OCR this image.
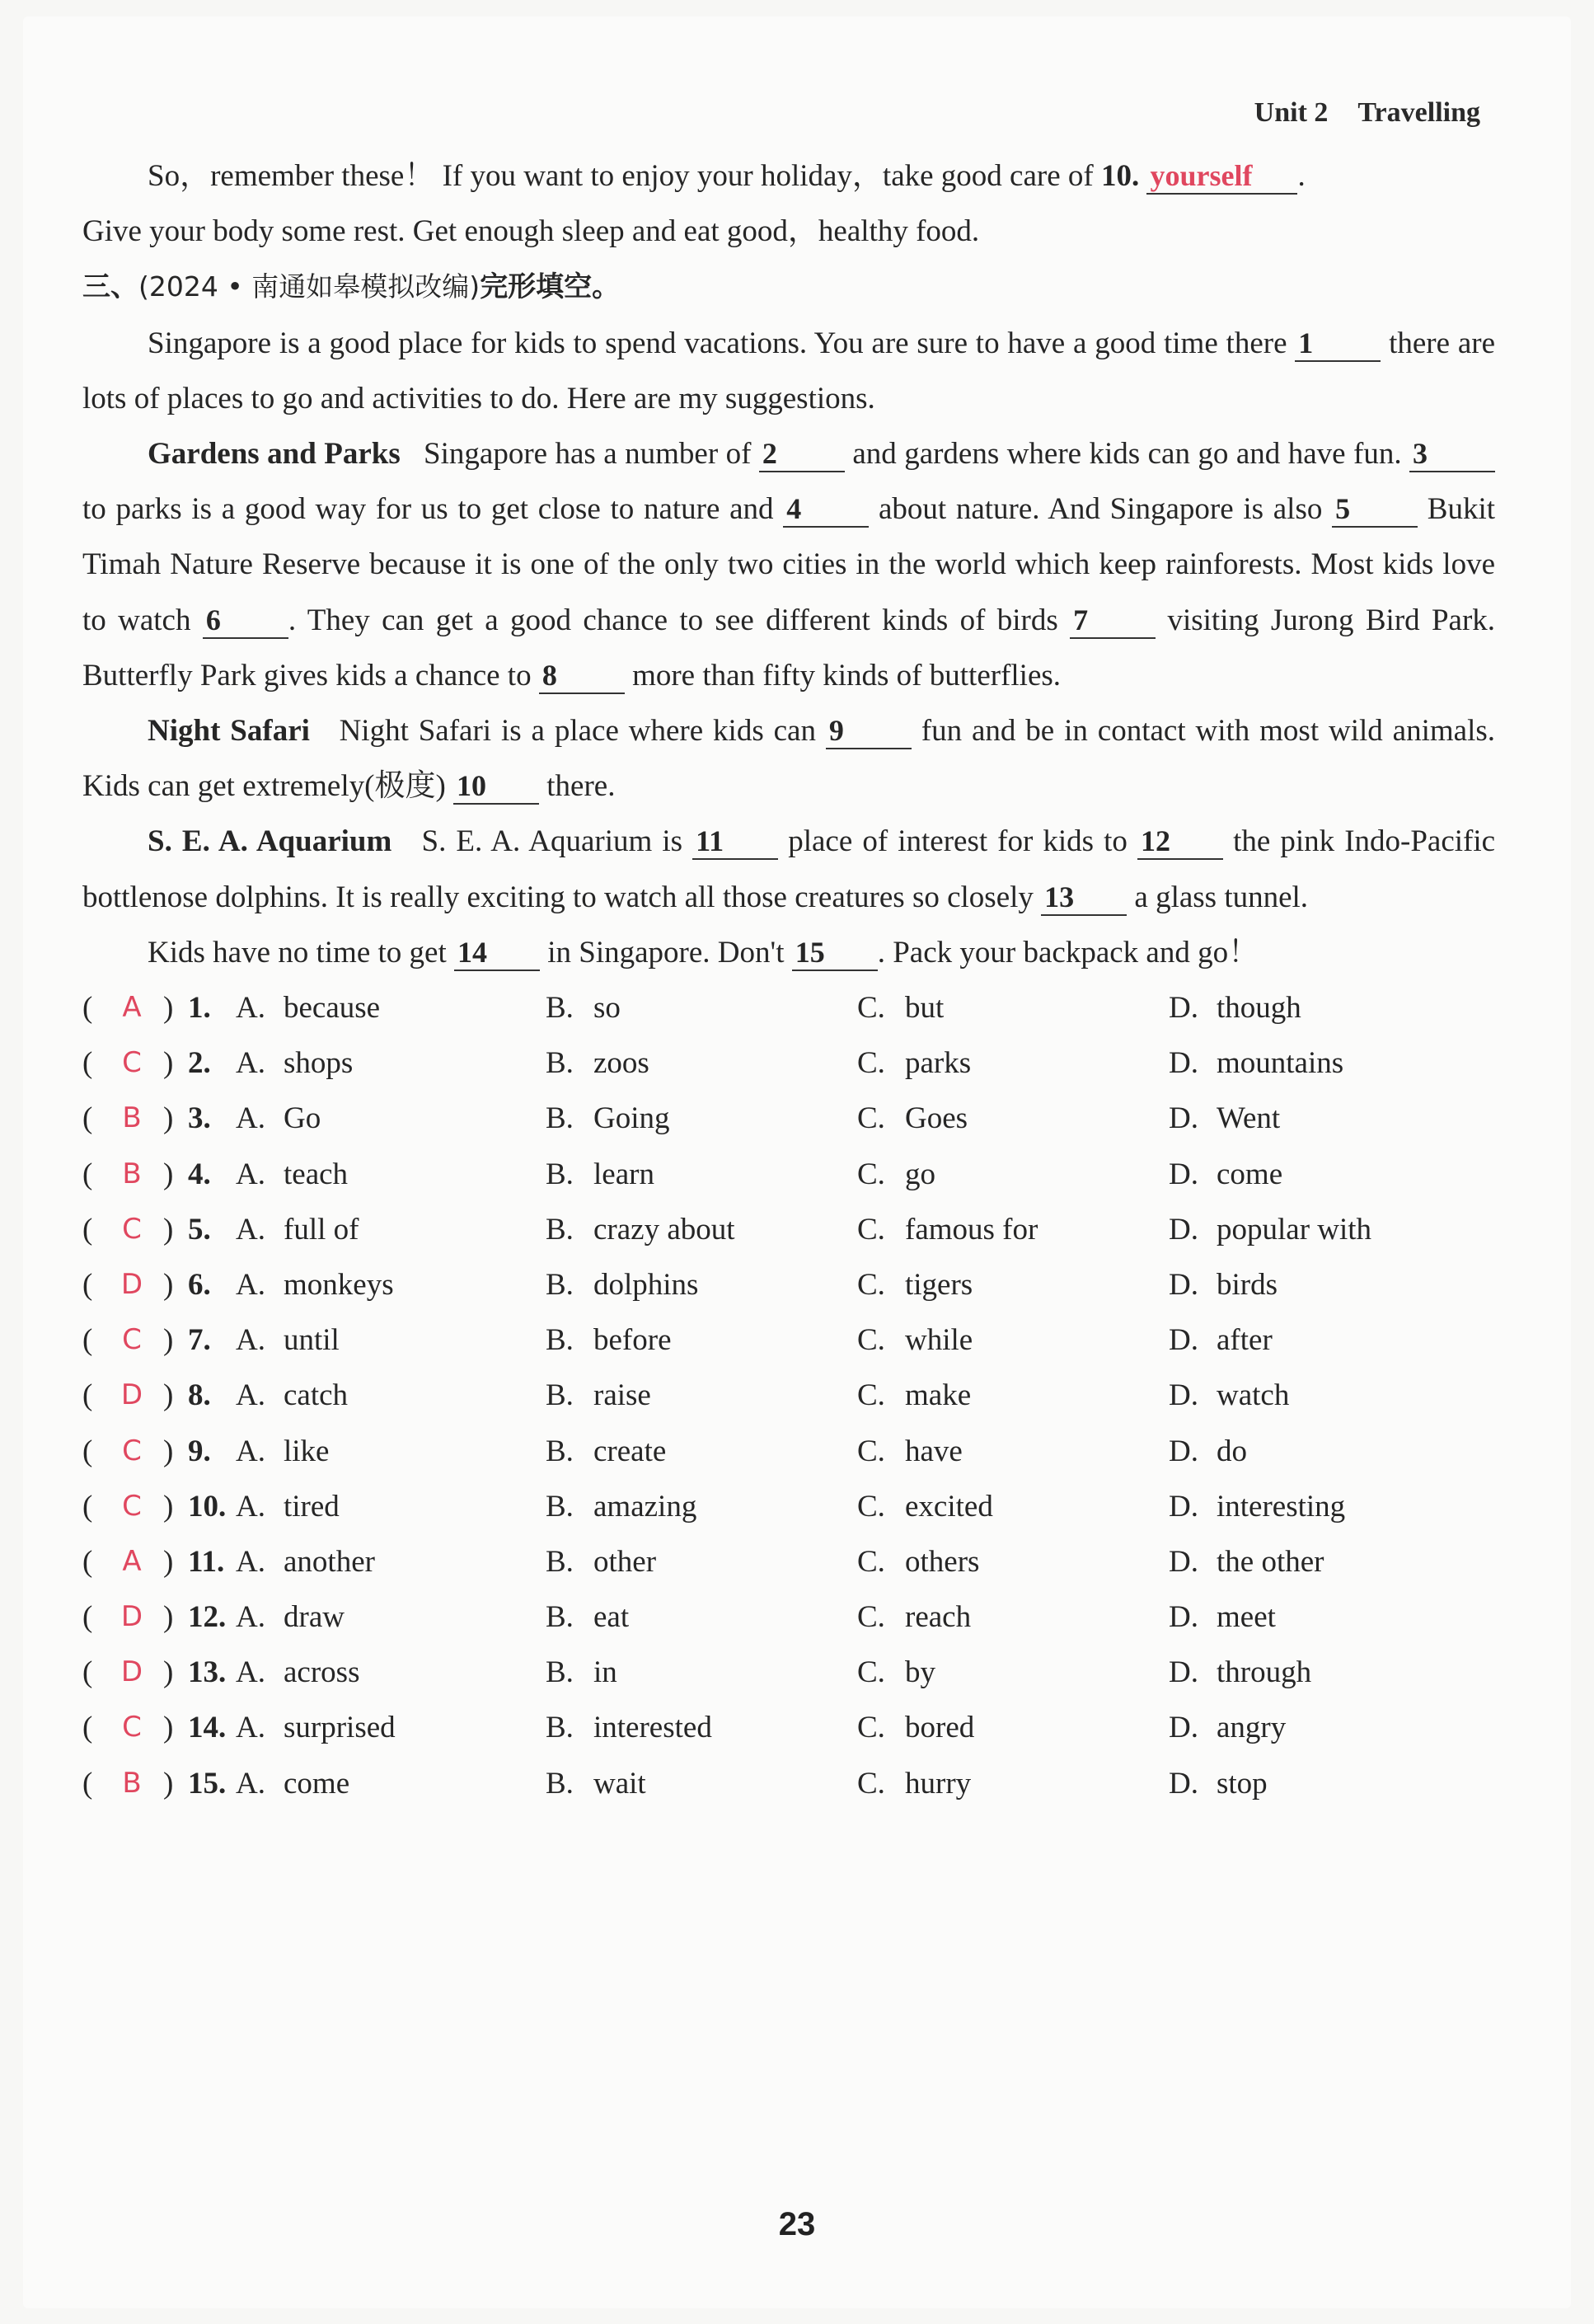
Unit 2 Travelling

So，remember these！ If you want to enjoy your holiday，take good care of 10. yourself .

Give your body some rest. Get enough sleep and eat good，healthy food.

三、(2024 • 南通如皋模拟改编)完形填空。

Singapore is a good place for kids to spend vacations. You are sure to have a good time there 1 there are lots of places to go and activities to do. Here are my suggestions.

Gardens and Parks Singapore has a number of 2 and gardens where kids can go and have fun. 3 to parks is a good way for us to get close to nature and 4	about nature. And Singapore is also 5	Bukit Timah Nature Reserve because it is one of the only two cities in the world which keep rainforests. Most kids love to watch 6 . They can get a good chance to see different kinds of birds 7	visiting Jurong Bird Park. Butterfly Park gives kids a chance to 8 more than fifty kinds of butterflies.

Night Safari Night Safari is a place where kids can 9	fun and be in contact with most wild animals. Kids can get extremely(极度) 10 there.

S. E. A. Aquarium S. E. A. Aquarium is 11 place of interest for kids to 12 the pink Indo-Pacific bottlenose dolphins. It is really exciting to watch all those creatures so closely 13 a glass tunnel.

Kids have no time to get 14 in Singapore. Don't 15 . Pack your backpack and go！

( A ) 1. A. because	B. so	C. but	D. though
( C ) 2. A. shops	B. zoos	C. parks	D. mountains
( B ) 3. A. Go	B. Going	C. Goes	D. Went
( B ) 4. A. teach	B. learn	C. go	D. come
( C ) 5. A. full of	B. crazy about	C. famous for	D. popular with
( D ) 6. A. monkeys	B. dolphins	C. tigers	D. birds
( C ) 7. A. until	B. before	C. while	D. after
( D ) 8. A. catch	B. raise	C. make	D. watch
( C ) 9. A. like	B. create	C. have	D. do
( C ) 10. A. tired	B. amazing	C. excited	D. interesting
( A ) 11. A. another	B. other	C. others	D. the other
( D ) 12. A. draw	B. eat	C. reach	D. meet
( D ) 13. A. across	B. in	C. by	D. through
( C ) 14. A. surprised	B. interested	C. bored	D. angry
( B ) 15. A. come	B. wait	C. hurry	D. stop
23
